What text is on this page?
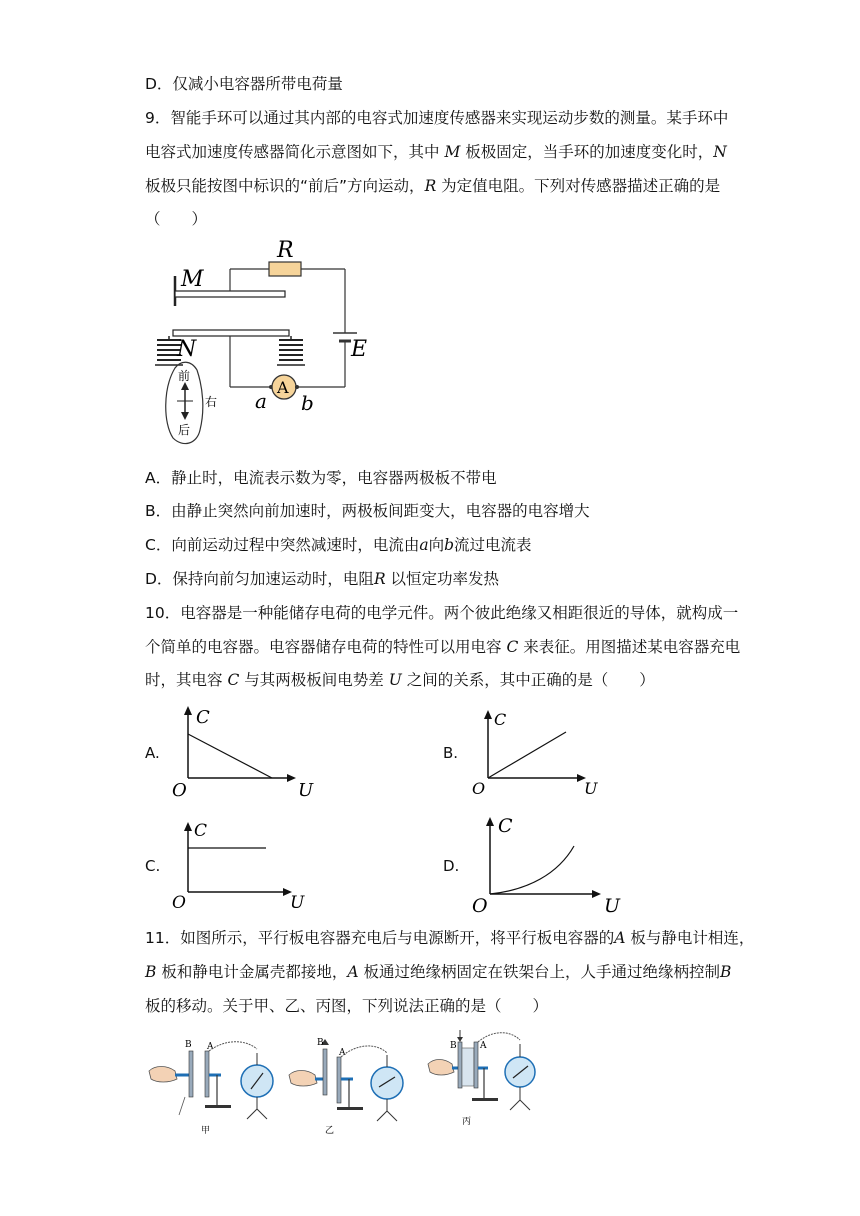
D．仅减小电容器所带电荷量
9．智能手环可以通过其内部的电容式加速度传感器来实现运动步数的测量。某手环中
电容式加速度传感器简化示意图如下，其中 M 板极固定，当手环的加速度变化时，N
板极只能按图中标识的“前后”方向运动，R 为定值电阻。下列对传感器描述正确的是
（　　）
M
R
E
N
A
a b
前
后
右
A．静止时，电流表示数为零，电容器两极板不带电
B．由静止突然向前加速时，两极板间距变大，电容器的电容增大
C．向前运动过程中突然减速时，电流由a向b流过电流表
D．保持向前匀加速运动时，电阻R 以恒定功率发热
10．电容器是一种能储存电荷的电学元件。两个彼此绝缘又相距很近的导体，就构成一
个简单的电容器。电容器储存电荷的特性可以用电容 C 来表征。用图描述某电容器充电
时，其电容 C 与其两极板间电势差 U 之间的关系，其中正确的是（　　）
A.
C
O	U
B.
C
O	U
C.
C
O	U
D.
C
O	U
11．如图所示，平行板电容器充电后与电源断开，将平行板电容器的A 板与静电计相连，
B 板和静电计金属壳都接地，A 板通过绝缘柄固定在铁架台上，人手通过绝缘柄控制B
板的移动。关于甲、乙、丙图，下列说法正确的是（　　）
B A
甲
B
A
乙
B	A
丙
